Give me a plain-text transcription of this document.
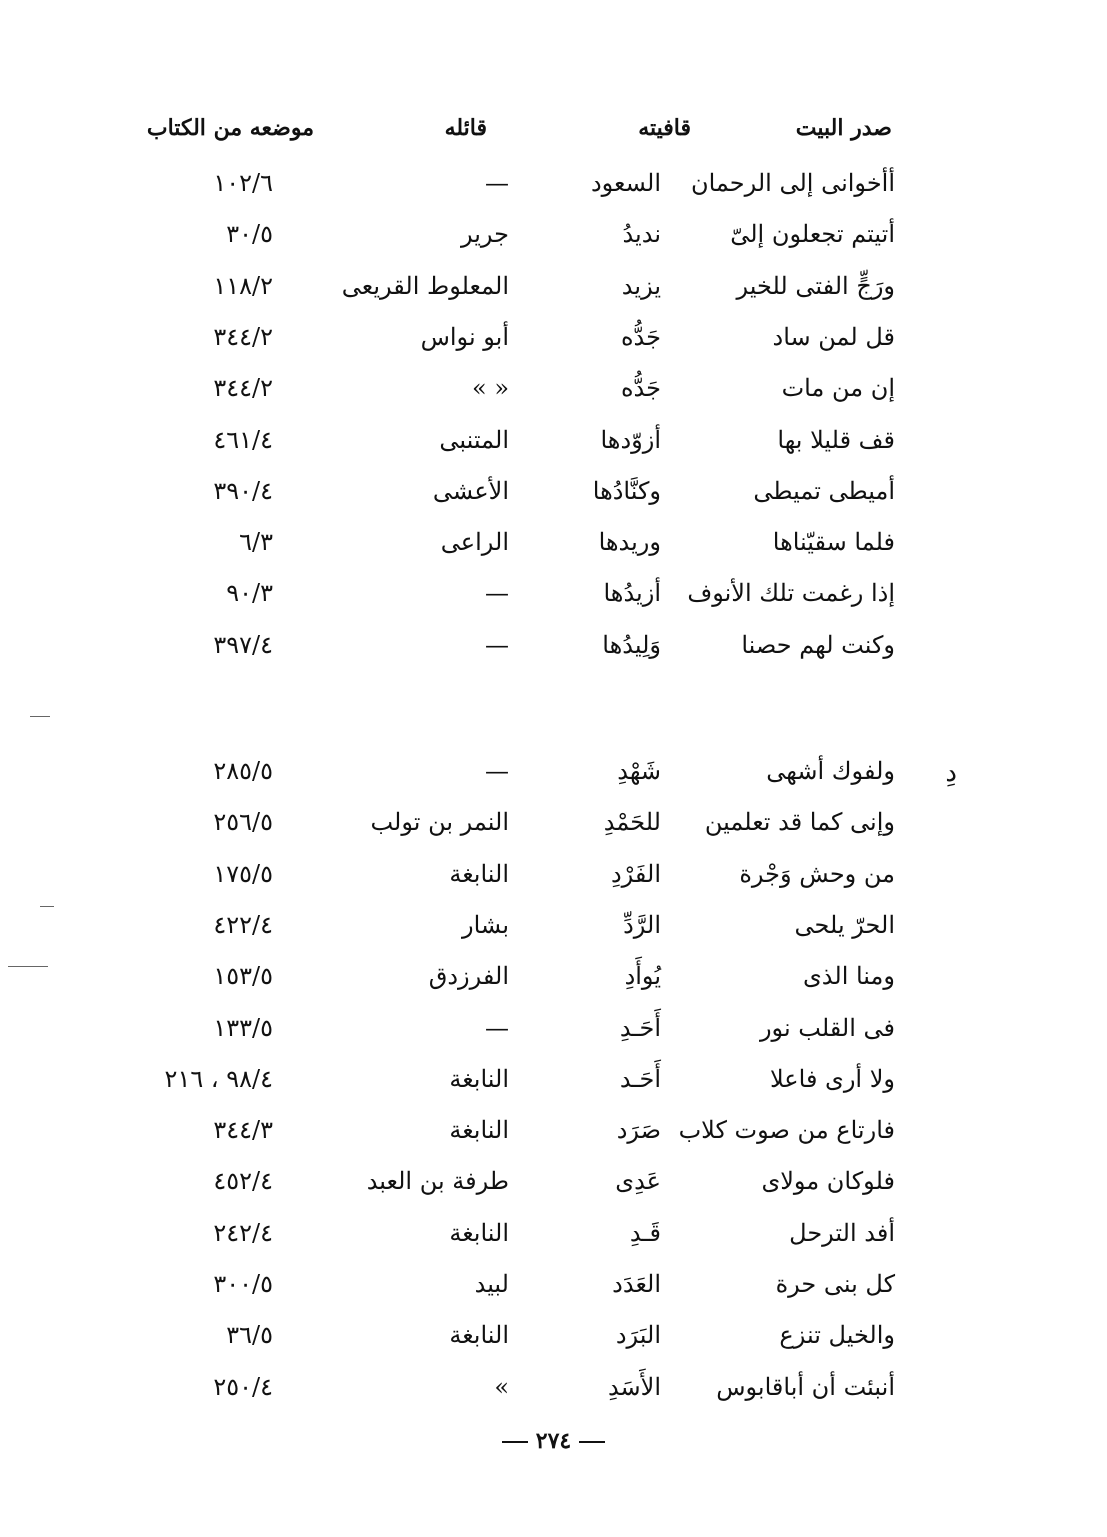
صدر البيت
قافيته
قائله
موضعه من الكتاب
دِ
أأخوانى إلى الرحمان
السعود
—
١٠٢/٦
أتيتم تجعلون إلىّ
نديدُ
جرير
٣٠/٥
ورَجٍّ الفتى للخير
يزيد
المعلوط القريعى
١١٨/٢
قل لمن ساد
جَدُّه
أبو نواس
٣٤٤/٢
إن من مات
جَدُّه
« »
٣٤٤/٢
قف قليلا بها
أزوّدها
المتنبى
٤٦١/٤
أميطى تميطى
وكنَّادُها
الأعشى
٣٩٠/٤
فلما سقيّناها
وريدها
الراعى
٦/٣
إذا رغمت تلك الأنوف
أزيدُها
—
٩٠/٣
وكنت لهم حصنا
وَلِيدُها
—
٣٩٧/٤
ولفوك أشهى
شَهْدِ
—
٢٨٥/٥
وإنى كما قد تعلمين
للحَمْدِ
النمر بن تولب
٢٥٦/٥
من وحش وَجْرة
الفَرْدِ
النابغة
١٧٥/٥
الحرّ يلحى
الرَّدِّ
بشار
٤٢٢/٤
ومنا الذى
يُوأَدِ
الفرزدق
١٥٣/٥
فى القلب نور
أَحَـدِ
—
١٣٣/٥
ولا أرى فاعلا
أَحَـد
النابغة
٩٨/٤ ، ٢١٦
فارتاع من صوت كلاب
صَرَد
النابغة
٣٤٤/٣
فلوكان مولاى
عَدِى
طرفة بن العبد
٤٥٢/٤
أفد الترحل
قَـدِ
النابغة
٢٤٢/٤
كل بنى حرة
العَدَد
لبيد
٣٠٠/٥
والخيل تنزع
البَرَد
النابغة
٣٦/٥
أنبئت أن أباقابوس
الأَسَدِ
»
٢٥٠/٤
٢٧٤
